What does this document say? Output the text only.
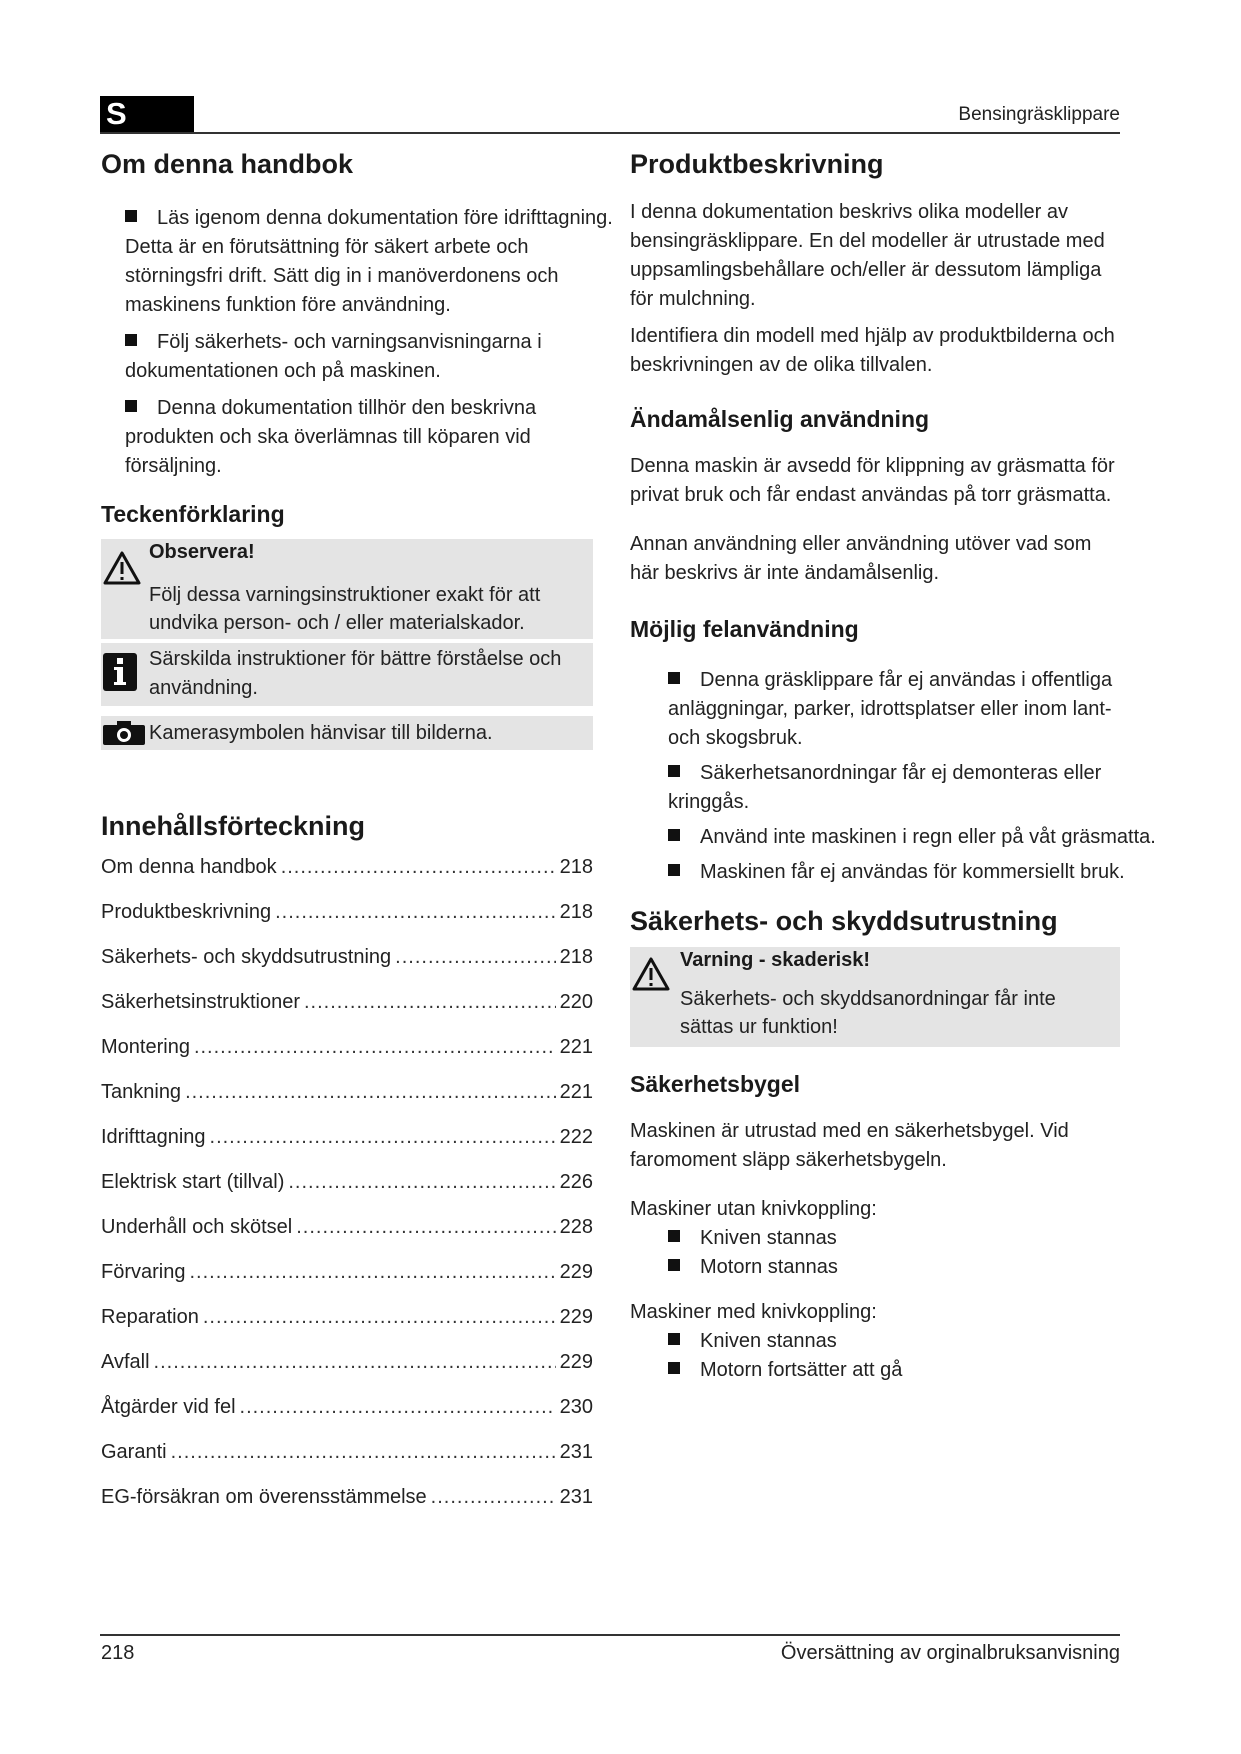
S	Bensingräsklippare
Om denna handbok
Läs igenom denna dokumentation före idrifttagning. Detta är en förutsättning för säkert arbete och störningsfri drift. Sätt dig in i manöverdonens och maskinens funktion före användning.
Följ säkerhets- och varningsanvisningarna i dokumentationen och på maskinen.
Denna dokumentation tillhör den beskrivna produkten och ska överlämnas till köparen vid försäljning.
Teckenförklaring
Observera!
Följ dessa varningsinstruktioner exakt för att undvika person- och / eller materialskador.
Särskilda instruktioner för bättre förståelse och användning.
Kamerasymbolen hänvisar till bilderna.
Innehållsförteckning
Om denna handbok .....	218
Produktbeskrivning .....	218
Säkerhets- och skyddsutrustning .....	218
Säkerhetsinstruktioner .....	220
Montering .....	221
Tankning .....	221
Idrifttagning .....	222
Elektrisk start (tillval) .....	226
Underhåll och skötsel .....	228
Förvaring .....	229
Reparation .....	229
Avfall .....	229
Åtgärder vid fel .....	230
Garanti .....	231
EG-försäkran om överensstämmelse .....	231
Produktbeskrivning

I denna dokumentation beskrivs olika modeller av bensingräsklippare. En del modeller är utrustade med uppsamlingsbehållare och/eller är dessutom lämpliga för mulchning.

Identifiera din modell med hjälp av produktbilderna och beskrivningen av de olika tillvalen.

Ändamålsenlig användning

Denna maskin är avsedd för klippning av gräsmatta för privat bruk och får endast användas på torr gräsmatta.

Annan användning eller användning utöver vad som här beskrivs är inte ändamålsenlig.

Möjlig felanvändning
Denna gräsklippare får ej användas i offentliga anläggningar, parker, idrottsplatser eller inom lant- och skogsbruk.
Säkerhetsanordningar får ej demonteras eller kringgås.
Använd inte maskinen i regn eller på våt gräsmatta.
Maskinen får ej användas för kommersiellt bruk.
Säkerhets- och skyddsutrustning
Varning - skaderisk!
Säkerhets- och skyddsanordningar får inte sättas ur funktion!
Säkerhetsbygel

Maskinen är utrustad med en säkerhetsbygel. Vid faromoment släpp säkerhetsbygeln.

Maskiner utan knivkoppling:

Kniven stannas
Motorn stannas

Maskiner med knivkoppling:

Kniven stannas
Motorn fortsätter att gå
218	Översättning av orginalbruksanvisning
